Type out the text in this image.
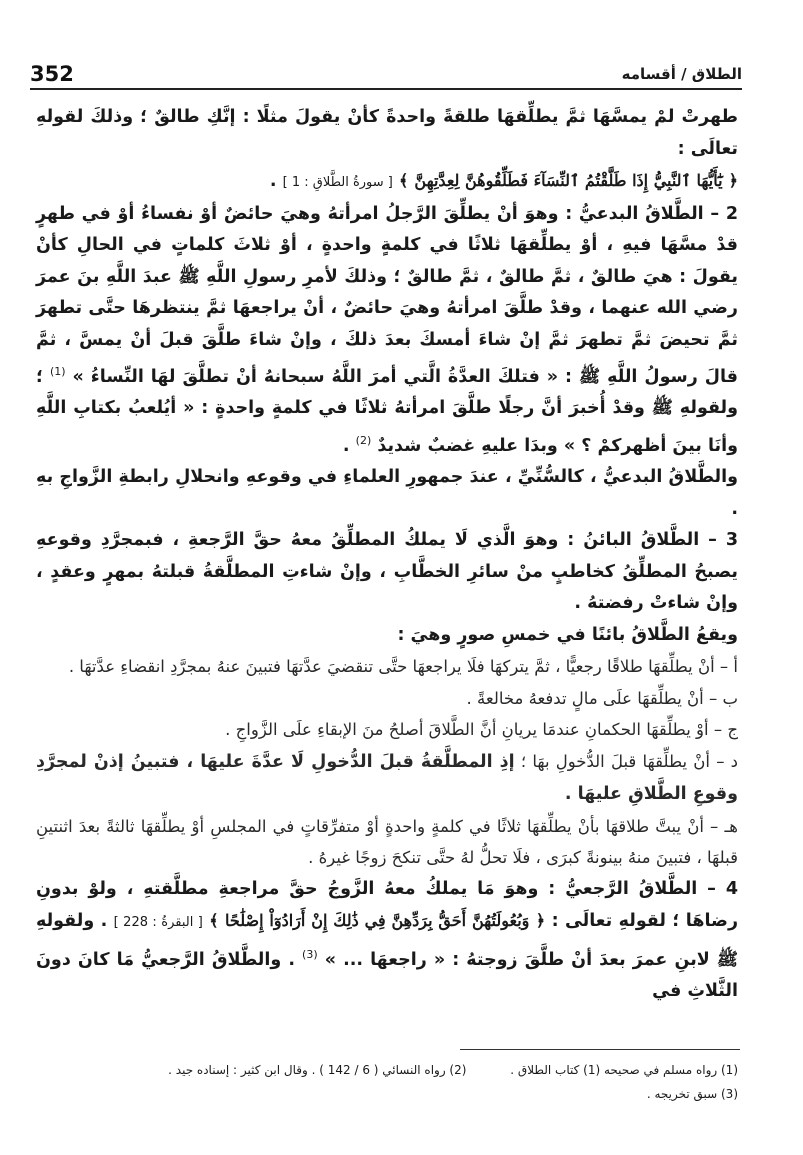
352	الطلاق / أقسامه

طهرتْ لمْ يمسَّهَا ثمَّ يطلِّقهَا طلقةً واحدةً كأنْ يقولَ مثلًا : إنَّكِ طالقٌ ؛ وذلكَ لقولهِ تعالَى :

﴿ يَٰٓأَيُّهَا ٱلنَّبِيُّ إِذَا طَلَّقْتُمُ ٱلنِّسَآءَ فَطَلِّقُوهُنَّ لِعِدَّتِهِنَّ ﴾ [ سورةُ الطَّلاقِ : 1 ] .

2 – الطَّلاقُ البدعيُّ : وهوَ أنْ يطلِّقَ الرَّجلُ امرأتهُ وهيَ حائضٌ أوْ نفساءُ أوْ في طهرٍ قدْ مسَّهَا فيهِ ، أوْ يطلِّقهَا ثلاثًا في كلمةٍ واحدةٍ ، أوْ ثلاثَ كلماتٍ في الحالِ كأنْ يقولَ : هيَ طالقٌ ، ثمَّ طالقٌ ، ثمَّ طالقٌ ؛ وذلكَ لأمرِ رسولِ اللَّهِ ﷺ عبدَ اللَّهِ بنَ عمرَ رضي الله عنهما ، وقدْ طلَّقَ امرأتهُ وهيَ حائضٌ ، أنْ يراجعهَا ثمَّ ينتظرهَا حتَّى تطهرَ ثمَّ تحيضَ ثمَّ تطهرَ ثمَّ إنْ شاءَ أمسكَ بعدَ ذلكَ ، وإنْ شاءَ طلَّقَ قبلَ أنْ يمسَّ ، ثمَّ قالَ رسولُ اللَّهِ ﷺ : « فتلكَ العدَّةُ الَّتي أمرَ اللَّهُ سبحانهُ أنْ تطلَّقَ لهَا النِّساءُ » $^{(1)}$ ؛ ولقولهِ ﷺ وقدْ أُخبرَ أنَّ رجلًا طلَّقَ امرأتهُ ثلاثًا في كلمةٍ واحدةٍ : « أيُلعبُ بكتابِ اللَّهِ وأنَا بينَ أظهركمْ ؟ » وبدَا عليهِ غضبٌ شديدٌ $^{(2)}$ .

والطَّلاقُ البدعيُّ ، كالسُّنِّيِّ ، عندَ جمهورِ العلماءِ في وقوعهِ وانحلالِ رابطةِ الزَّواجِ بهِ .

3 – الطَّلاقُ البائنُ : وهوَ الَّذي لَا يملكُ المطلِّقُ معهُ حقَّ الرَّجعةِ ، فبمجرَّدِ وقوعهِ يصبحُ المطلِّقُ كخاطبٍ منْ سائرِ الخطَّابِ ، وإنْ شاءتِ المطلَّقةُ قبلتهُ بمهرٍ وعقدٍ ، وإنْ شاءتْ رفضتهُ .

ويقعُ الطَّلاقُ بائنًا في خمسِ صورٍ وهيَ :

أ – أنْ يطلِّقهَا طلاقًا رجعيًّا ، ثمَّ يتركهَا فلَا يراجعهَا حتَّى تنقضيَ عدَّتهَا فتبينَ عنهُ بمجرَّدِ انقضاءِ عدَّتهَا .

ب – أنْ يطلِّقهَا علَى مالٍ تدفعهُ مخالعةً .

ج – أوْ يطلِّقهَا الحكمانِ عندمَا يريانِ أنَّ الطَّلاقَ أصلحُ منَ الإبقاءِ علَى الزَّواجِ .

د – أنْ يطلِّقهَا قبلَ الدُّخولِ بهَا ؛ إذِ المطلَّقةُ قبلَ الدُّخولِ لَا عدَّةَ عليهَا ، فتبينُ إذنْ لمجرَّدِ وقوعِ الطَّلاقِ عليهَا .

هـ – أنْ يبتَّ طلاقهَا بأنْ يطلِّقهَا ثلاثًا في كلمةٍ واحدةٍ أوْ متفرِّقاتٍ في المجلسِ أوْ يطلِّقهَا ثالثةً بعدَ اثنتينِ قبلهَا ، فتبينَ منهُ بينونةً كبرَى ، فلَا تحلُّ لهُ حتَّى تنكحَ زوجًا غيرهُ .

4 – الطَّلاقُ الرَّجعيُّ : وهوَ مَا يملكُ معهُ الزَّوجُ حقَّ مراجعةِ مطلَّقتهِ ، ولوْ بدونِ رضاهَا ؛ لقولهِ تعالَى : ﴿ وَبُعُولَتُهُنَّ أَحَقُّ بِرَدِّهِنَّ فِي ذَٰلِكَ إِنْ أَرَادُوٓاْ إِصْلَٰحًا ﴾ [ البقرةُ : 228 ] . ولقولهِ ﷺ لابنِ عمرَ بعدَ أنْ طلَّقَ زوجتهُ : « راجعهَا ... » $^{(3)}$ . والطَّلاقُ الرَّجعيُّ مَا كانَ دونَ الثَّلاثِ في

(1) رواه مسلم في صحيحه (1) كتاب الطلاق . (2) رواه النسائي ( 6 / 142 ) . وقال ابن كثير : إسناده جيد .
(3) سبق تخريجه .
